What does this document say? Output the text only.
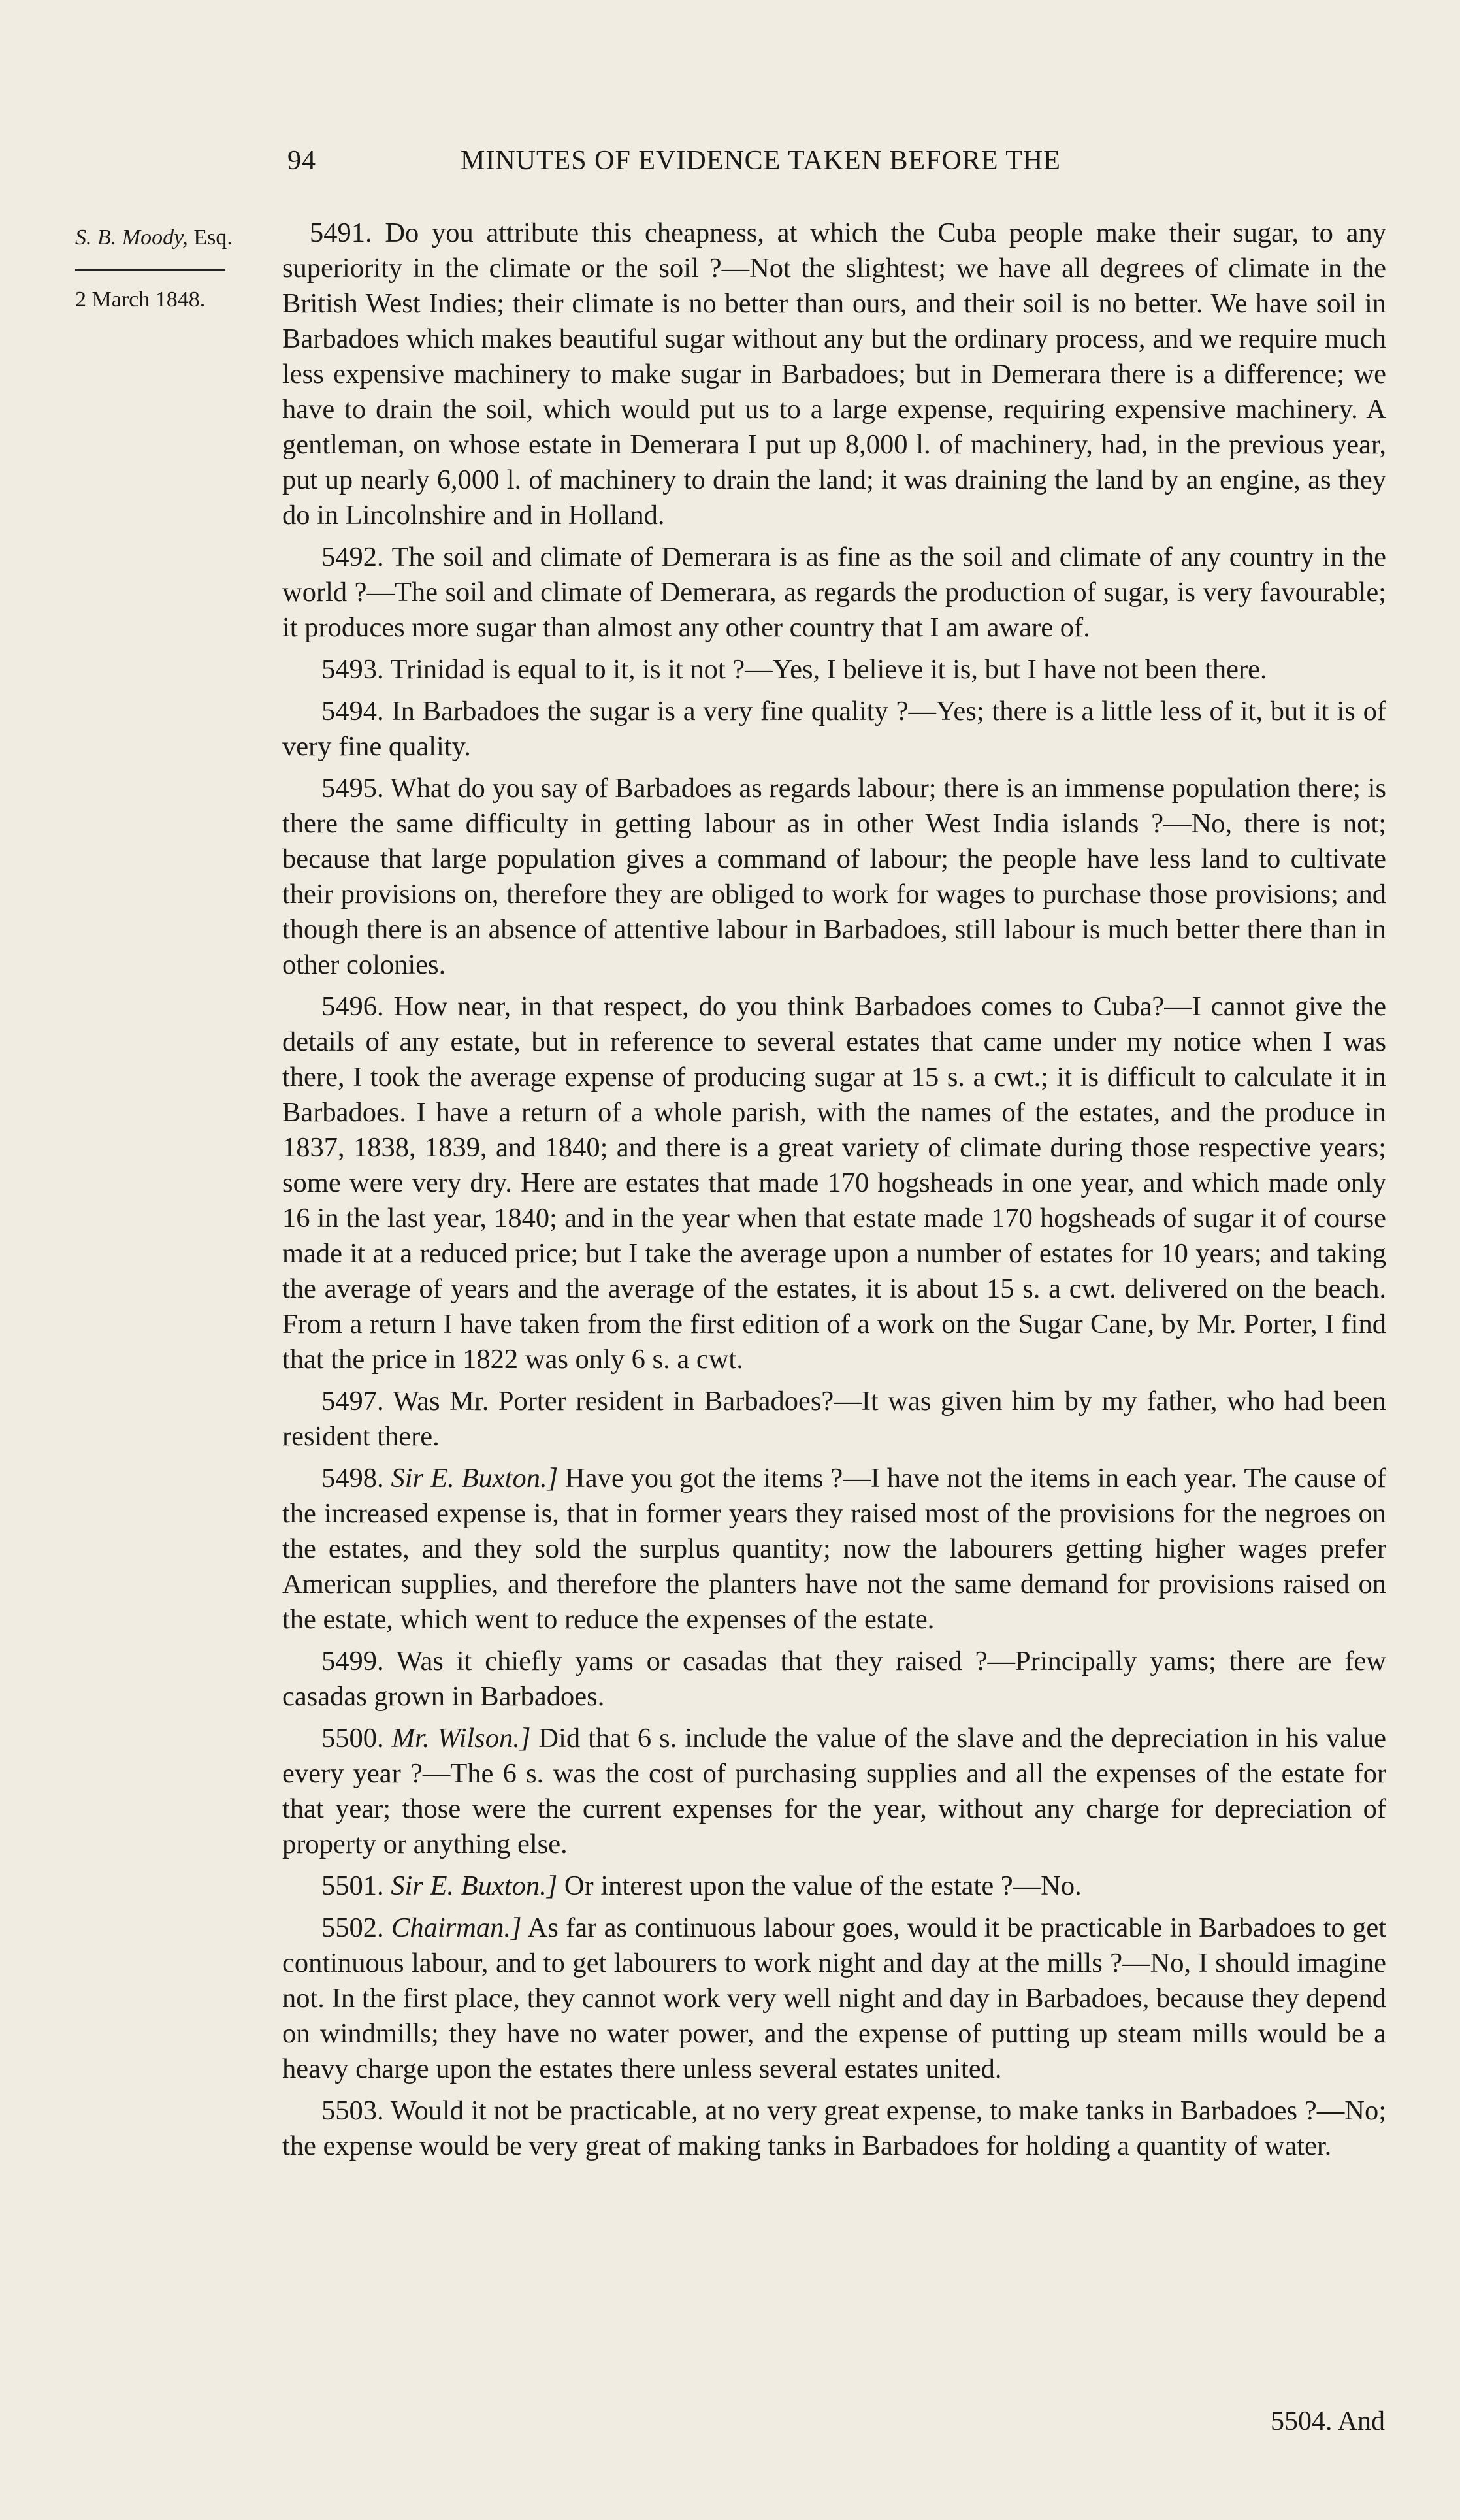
94	MINUTES OF EVIDENCE TAKEN BEFORE THE
S. B. Moody, Esq.
2 March 1848.

5491. Do you attribute this cheapness, at which the Cuba people make their sugar, to any superiority in the climate or the soil ?—Not the slightest; we have all degrees of climate in the British West Indies; their climate is no better than ours, and their soil is no better. We have soil in Barbadoes which makes beautiful sugar without any but the ordinary process, and we require much less expensive machinery to make sugar in Barbadoes; but in Demerara there is a difference; we have to drain the soil, which would put us to a large expense, requiring expensive machinery. A gentleman, on whose estate in Demerara I put up 8,000 l. of machinery, had, in the previous year, put up nearly 6,000 l. of machinery to drain the land; it was draining the land by an engine, as they do in Lincolnshire and in Holland.

5492. The soil and climate of Demerara is as fine as the soil and climate of any country in the world ?—The soil and climate of Demerara, as regards the production of sugar, is very favourable; it produces more sugar than almost any other country that I am aware of.

5493. Trinidad is equal to it, is it not ?—Yes, I believe it is, but I have not been there.

5494. In Barbadoes the sugar is a very fine quality ?—Yes; there is a little less of it, but it is of very fine quality.

5495. What do you say of Barbadoes as regards labour; there is an immense population there; is there the same difficulty in getting labour as in other West India islands ?—No, there is not; because that large population gives a command of labour; the people have less land to cultivate their provisions on, therefore they are obliged to work for wages to purchase those provisions; and though there is an absence of attentive labour in Barbadoes, still labour is much better there than in other colonies.

5496. How near, in that respect, do you think Barbadoes comes to Cuba?—I cannot give the details of any estate, but in reference to several estates that came under my notice when I was there, I took the average expense of producing sugar at 15 s. a cwt.; it is difficult to calculate it in Barbadoes. I have a return of a whole parish, with the names of the estates, and the produce in 1837, 1838, 1839, and 1840; and there is a great variety of climate during those respective years; some were very dry. Here are estates that made 170 hogsheads in one year, and which made only 16 in the last year, 1840; and in the year when that estate made 170 hogsheads of sugar it of course made it at a reduced price; but I take the average upon a number of estates for 10 years; and taking the average of years and the average of the estates, it is about 15 s. a cwt. delivered on the beach. From a return I have taken from the first edition of a work on the Sugar Cane, by Mr. Porter, I find that the price in 1822 was only 6 s. a cwt.

5497. Was Mr. Porter resident in Barbadoes?—It was given him by my father, who had been resident there.

5498. Sir E. Buxton.] Have you got the items ?—I have not the items in each year. The cause of the increased expense is, that in former years they raised most of the provisions for the negroes on the estates, and they sold the surplus quantity; now the labourers getting higher wages prefer American supplies, and therefore the planters have not the same demand for provisions raised on the estate, which went to reduce the expenses of the estate.

5499. Was it chiefly yams or casadas that they raised ?—Principally yams; there are few casadas grown in Barbadoes.

5500. Mr. Wilson.] Did that 6 s. include the value of the slave and the depreciation in his value every year ?—The 6 s. was the cost of purchasing supplies and all the expenses of the estate for that year; those were the current expenses for the year, without any charge for depreciation of property or anything else.

5501. Sir E. Buxton.] Or interest upon the value of the estate ?—No.

5502. Chairman.] As far as continuous labour goes, would it be practicable in Barbadoes to get continuous labour, and to get labourers to work night and day at the mills ?—No, I should imagine not. In the first place, they cannot work very well night and day in Barbadoes, because they depend on windmills; they have no water power, and the expense of putting up steam mills would be a heavy charge upon the estates there unless several estates united.

5503. Would it not be practicable, at no very great expense, to make tanks in Barbadoes ?—No; the expense would be very great of making tanks in Barbadoes for holding a quantity of water.

5504. And
